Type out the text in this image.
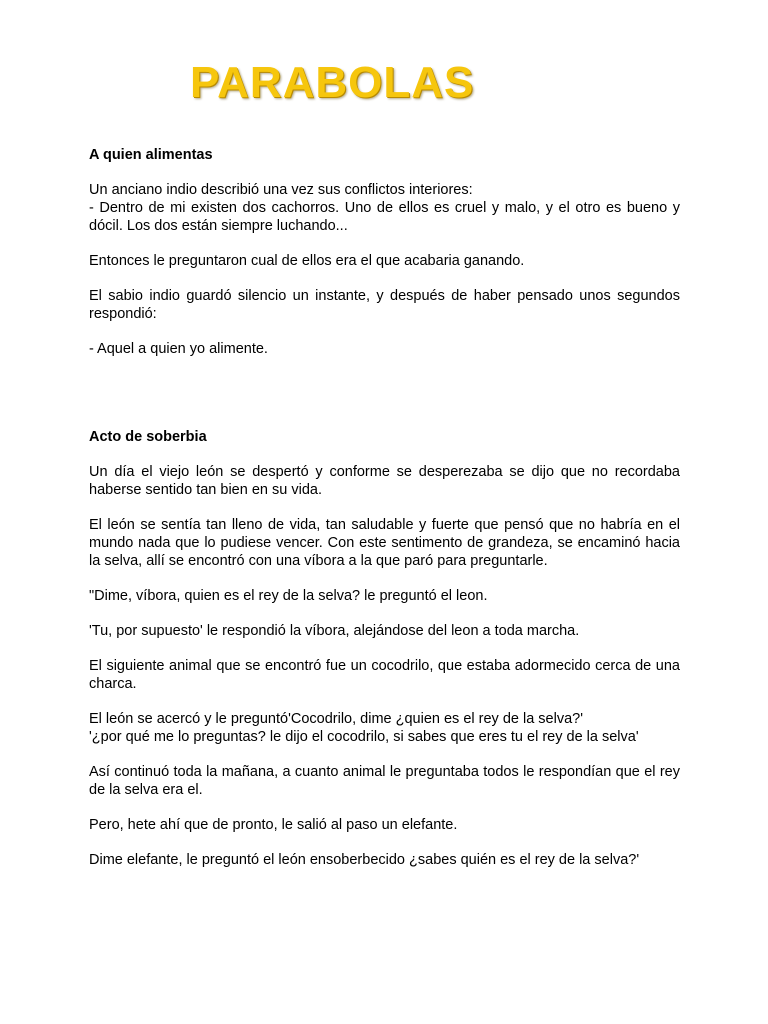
PARABOLAS
A quien alimentas

Un anciano indio describió una vez sus conflictos interiores:
- Dentro de mi existen dos cachorros. Uno de ellos es cruel y malo, y el otro es bueno y dócil. Los dos están siempre luchando...

Entonces le preguntaron cual de ellos era el que acabaria ganando.

El sabio indio guardó silencio un instante, y después de haber pensado unos segundos respondió:

- Aquel a quien yo alimente.

Acto de soberbia

Un día el viejo león se despertó y conforme se desperezaba se dijo que no recordaba haberse sentido tan bien en su vida.

El león se sentía tan lleno de vida, tan saludable y fuerte que pensó que no habría en el mundo nada que lo pudiese vencer. Con este sentimento de grandeza, se encaminó hacia la selva, allí se encontró con una víbora a la que paró para preguntarle.

"Dime, víbora, quien es el rey de la selva? le preguntó el leon.

'Tu, por supuesto' le respondió la víbora, alejándose del leon a toda marcha.

El siguiente animal que se encontró fue un cocodrilo, que estaba adormecido cerca de una charca.

El león se acercó y le preguntó'Cocodrilo, dime ¿quien es el rey de la selva?'
'¿por qué me lo preguntas? le dijo el cocodrilo, si sabes que eres tu el rey de la selva'

Así continuó toda la mañana, a cuanto animal le preguntaba todos le respondían que el rey de la selva era el.

Pero, hete ahí que de pronto, le salió al paso un elefante.

Dime elefante, le preguntó el león ensoberbecido ¿sabes quién es el rey de la selva?'
